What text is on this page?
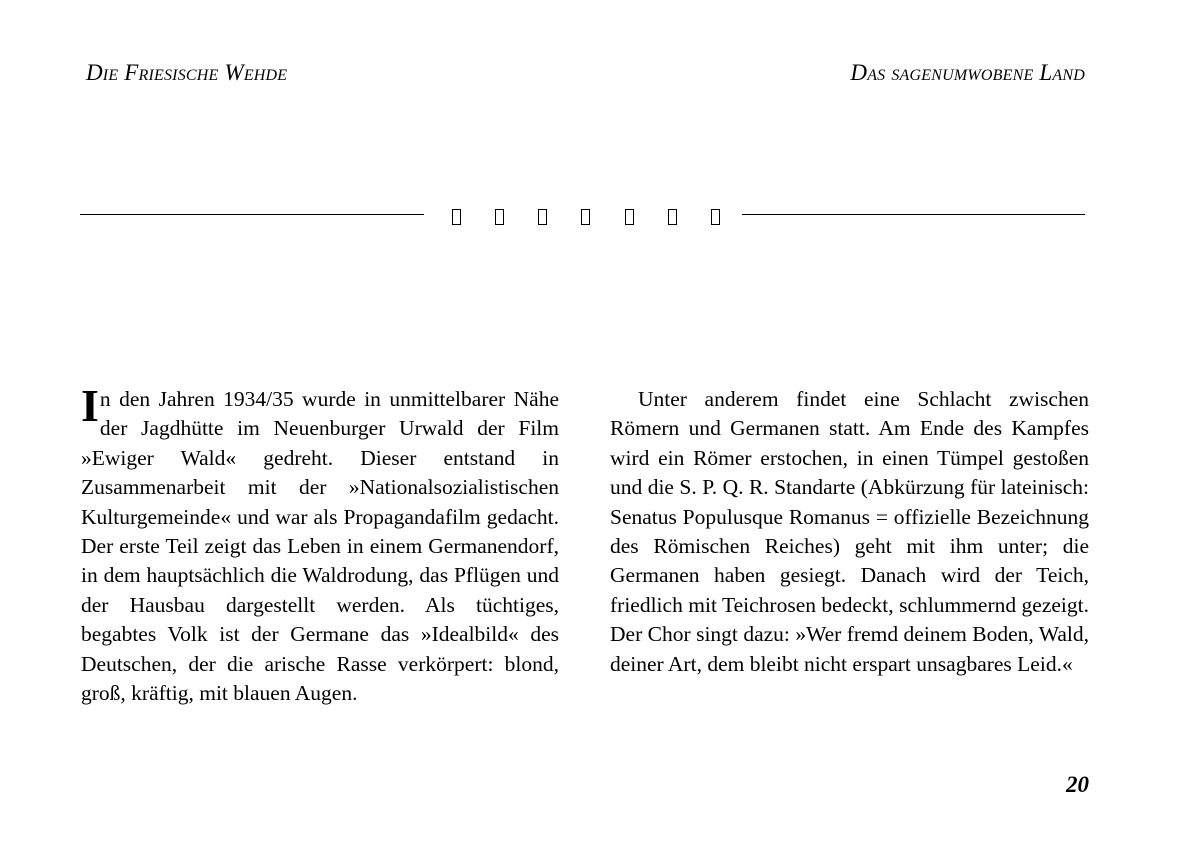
Die Friesische Wehde	Das sagenumwobene Land

In den Jahren 1934/35 wurde in unmittelbarer Nähe der Jagdhütte im Neuenburger Urwald der Film »Ewiger Wald« gedreht. Dieser entstand in Zusammenarbeit mit der »Nationalsozialistischen Kulturgemeinde« und war als Propagandafilm gedacht. Der erste Teil zeigt das Leben in einem Germanendorf, in dem hauptsächlich die Waldrodung, das Pflügen und der Hausbau dargestellt werden. Als tüchtiges, begabtes Volk ist der Germane das »Idealbild« des Deutschen, der die arische Rasse verkörpert: blond, groß, kräftig, mit blauen Augen.

Unter anderem findet eine Schlacht zwischen Römern und Germanen statt. Am Ende des Kampfes wird ein Römer erstochen, in einen Tümpel gestoßen und die S. P. Q. R. Standarte (Abkürzung für lateinisch: Senatus Populusque Romanus = offizielle Bezeichnung des Römischen Reiches) geht mit ihm unter; die Germanen haben gesiegt. Danach wird der Teich, friedlich mit Teichrosen bedeckt, schlummernd gezeigt. Der Chor singt dazu: »Wer fremd deinem Boden, Wald, deiner Art, dem bleibt nicht erspart unsagbares Leid.«

20
